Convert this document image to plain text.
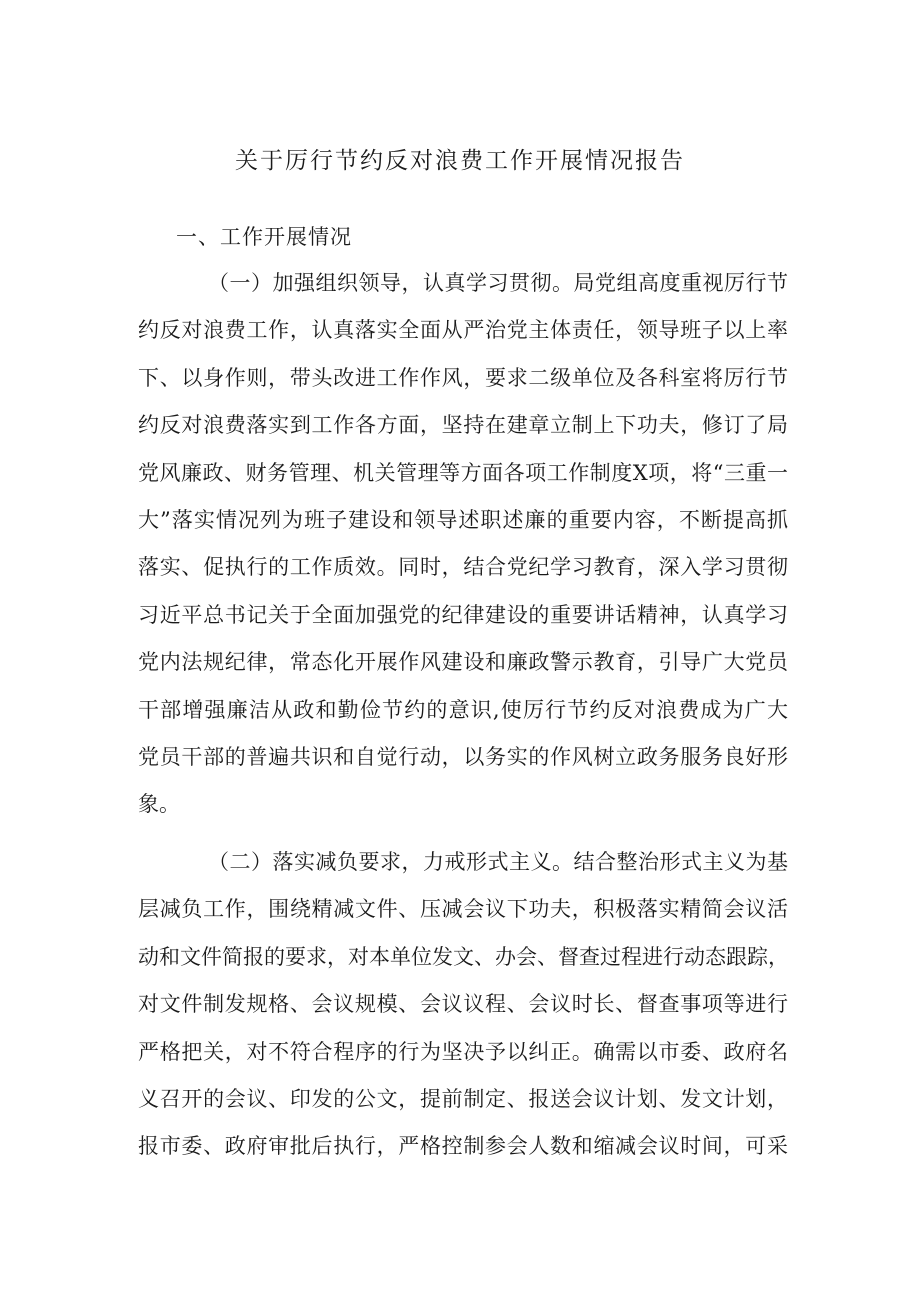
关于厉行节约反对浪费工作开展情况报告
一、工作开展情况
（一）加强组织领导，认真学习贯彻。局党组高度重视厉行节
约反对浪费工作，认真落实全面从严治党主体责任，领导班子以上率
下、以身作则，带头改进工作作风，要求二级单位及各科室将厉行节
约反对浪费落实到工作各方面，坚持在建章立制上下功夫，修订了局
党风廉政、财务管理、机关管理等方面各项工作制度X项，将“三重一
大”落实情况列为班子建设和领导述职述廉的重要内容，不断提高抓
落实、促执行的工作质效。同时，结合党纪学习教育，深入学习贯彻
习近平总书记关于全面加强党的纪律建设的重要讲话精神，认真学习
党内法规纪律，常态化开展作风建设和廉政警示教育，引导广大党员
干部增强廉洁从政和勤俭节约的意识,使厉行节约反对浪费成为广大
党员干部的普遍共识和自觉行动，以务实的作风树立政务服务良好形
象。
（二）落实减负要求，力戒形式主义。结合整治形式主义为基
层减负工作，围绕精减文件、压减会议下功夫，积极落实精简会议活
动和文件简报的要求，对本单位发文、办会、督查过程进行动态跟踪，
对文件制发规格、会议规模、会议议程、会议时长、督查事项等进行
严格把关，对不符合程序的行为坚决予以纠正。确需以市委、政府名
义召开的会议、印发的公文，提前制定、报送会议计划、发文计划，
报市委、政府审批后执行，严格控制参会人数和缩减会议时间，可采
